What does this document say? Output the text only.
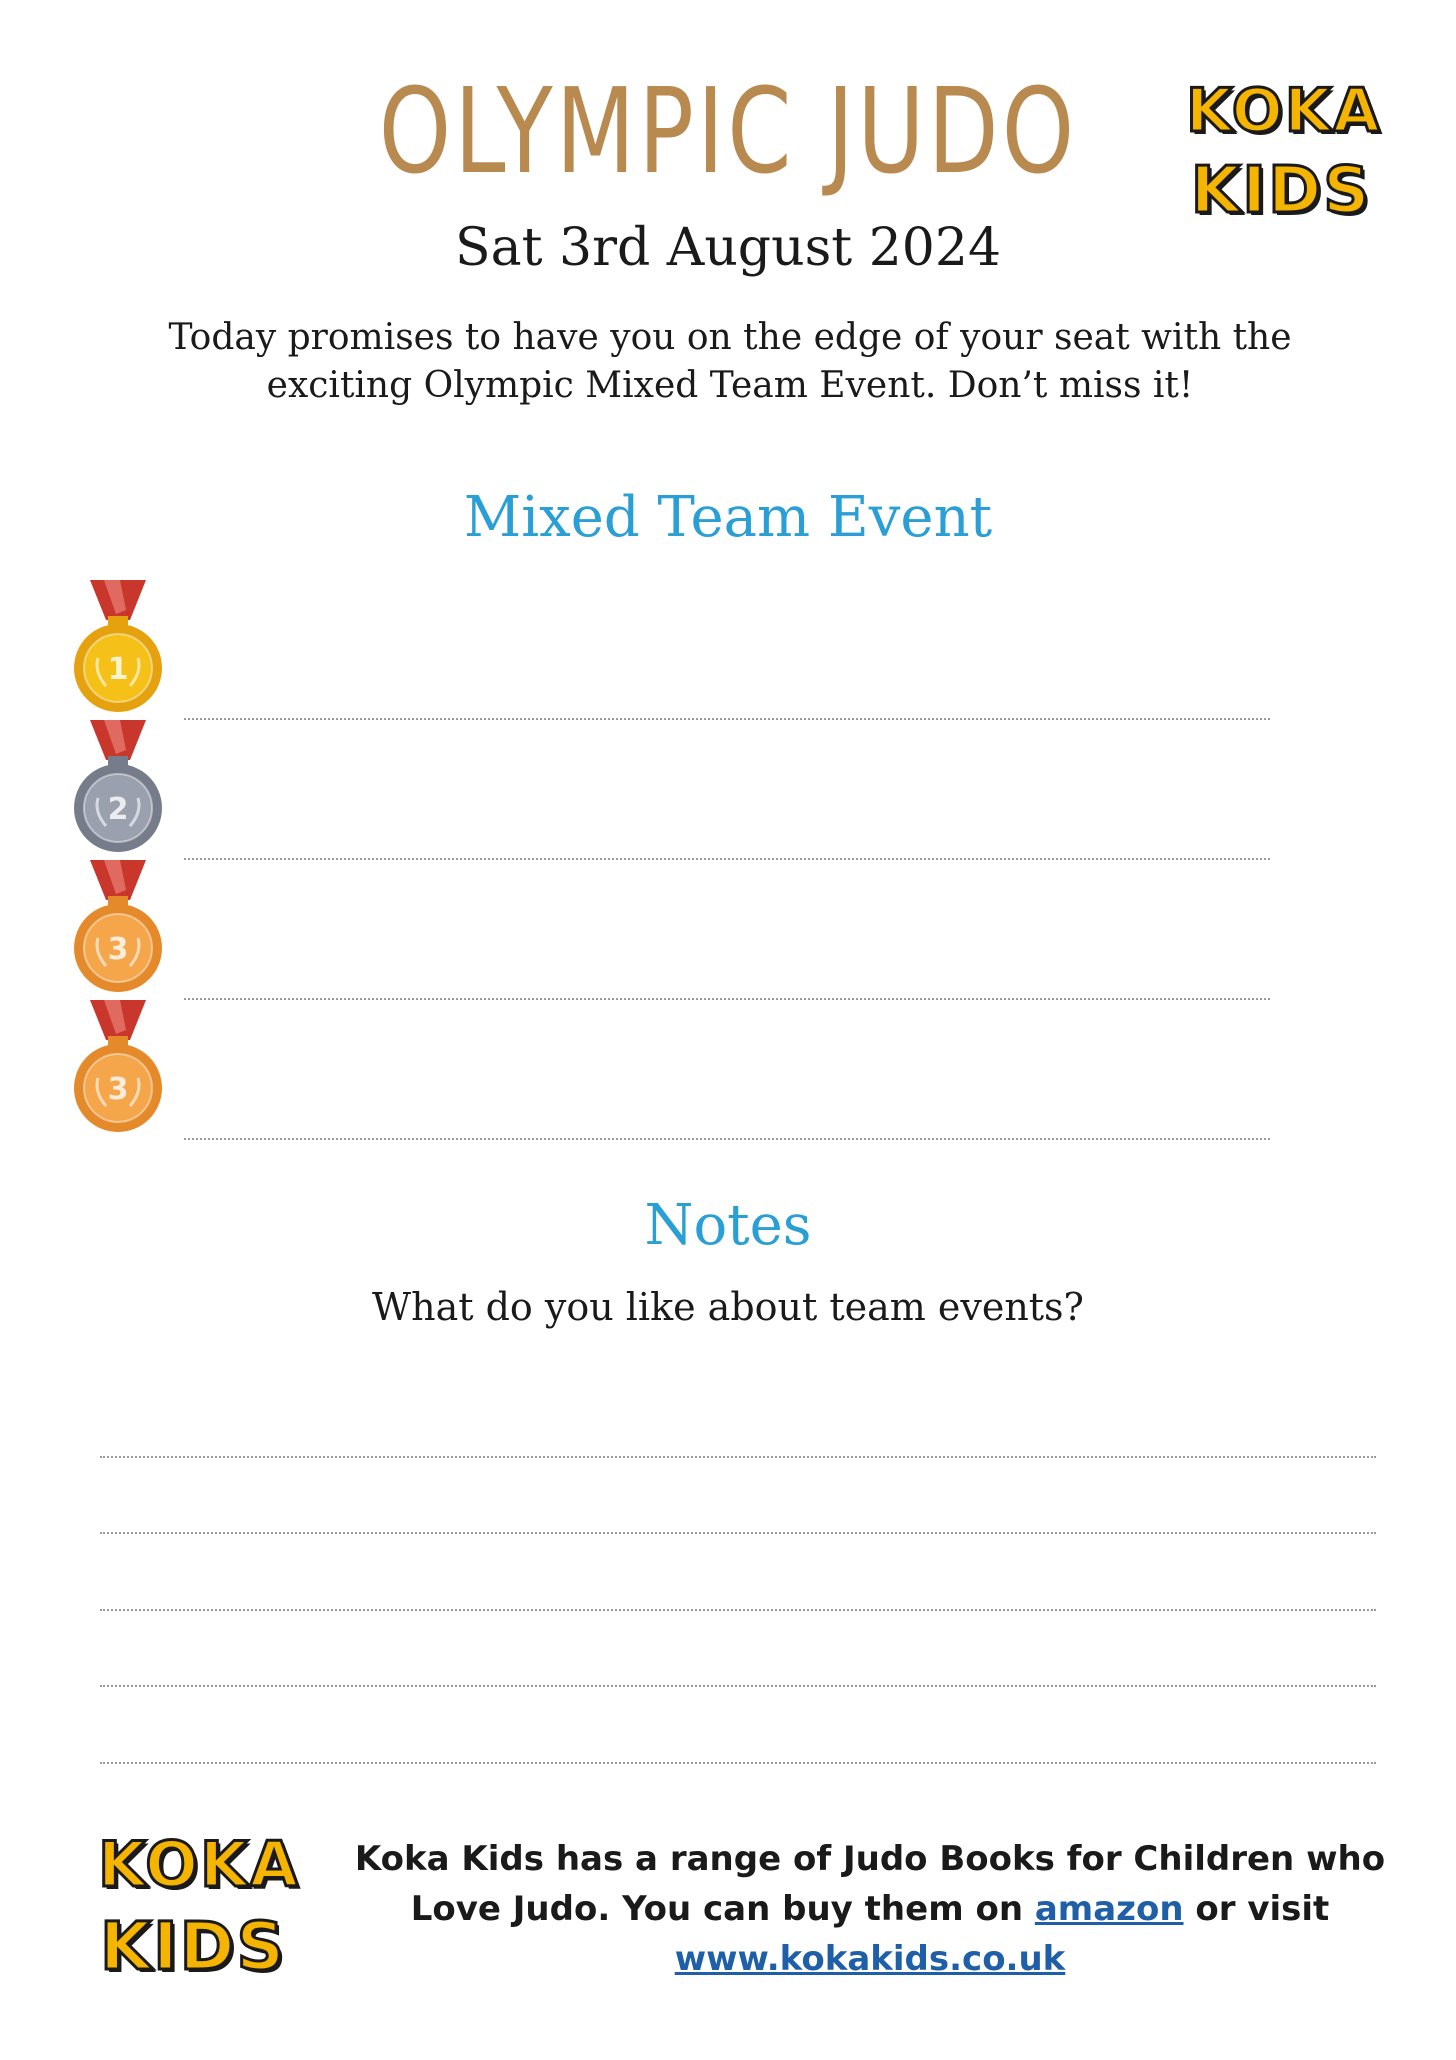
OLYMPIC JUDO
Sat 3rd August 2024
Today promises to have you on the edge of your seat with the
exciting Olympic Mixed Team Event. Don’t miss it!
KOKA
KIDS
Mixed Team Event
1
2
3
3
Notes
What do you like about team events?
KOKA
KIDS
Koka Kids has a range of Judo Books for Children who
Love Judo. You can buy them on amazon or visit
www.kokakids.co.uk
